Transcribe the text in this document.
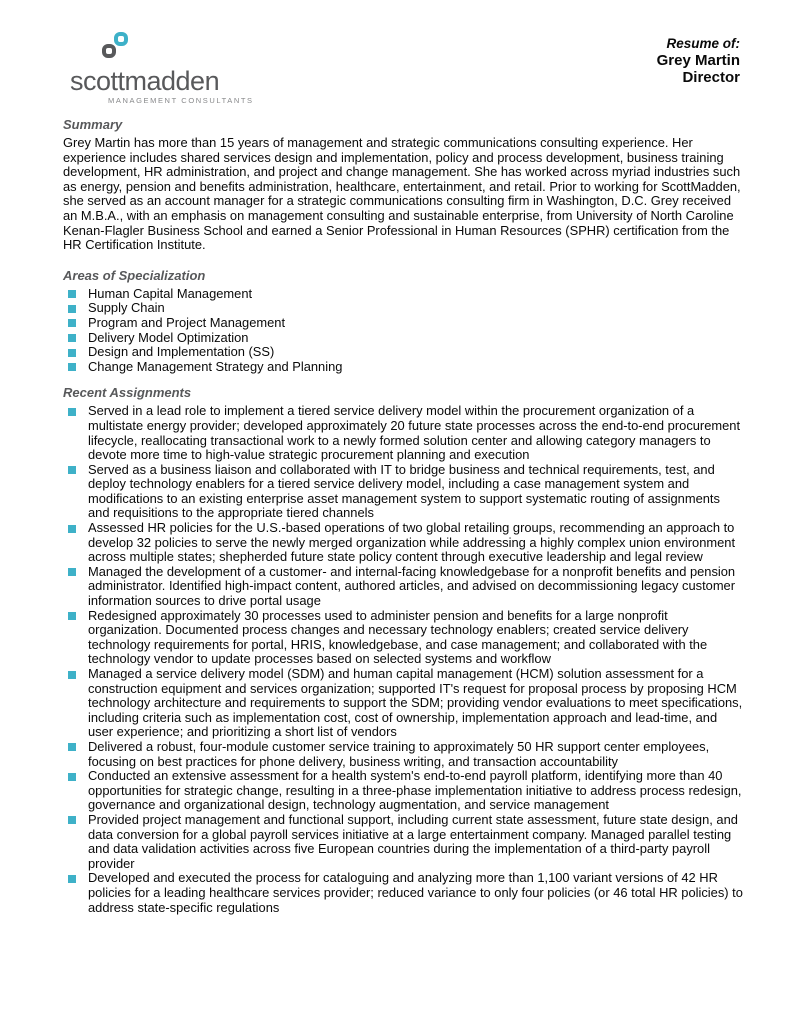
scottmadden
MANAGEMENT CONSULTANTS
Resume of:
Grey Martin
Director
Summary

Grey Martin has more than 15 years of management and strategic communications consulting experience. Her experience includes shared services design and implementation, policy and process development, business training development, HR administration, and project and change management. She has worked across myriad industries such as energy, pension and benefits administration, healthcare, entertainment, and retail. Prior to working for ScottMadden, she served as an account manager for a strategic communications consulting firm in Washington, D.C. Grey received an M.B.A., with an emphasis on management consulting and sustainable enterprise, from University of North Caroline Kenan-Flagler Business School and earned a Senior Professional in Human Resources (SPHR) certification from the HR Certification Institute.

Areas of Specialization
Human Capital Management
Supply Chain
Program and Project Management
Delivery Model Optimization
Design and Implementation (SS)
Change Management Strategy and Planning
Recent Assignments
Served in a lead role to implement a tiered service delivery model within the procurement organization of a multistate energy provider; developed approximately 20 future state processes across the end-to-end procurement lifecycle, reallocating transactional work to a newly formed solution center and allowing category managers to devote more time to high-value strategic procurement planning and execution
Served as a business liaison and collaborated with IT to bridge business and technical requirements, test, and deploy technology enablers for a tiered service delivery model, including a case management system and modifications to an existing enterprise asset management system to support systematic routing of assignments and requisitions to the appropriate tiered channels
Assessed HR policies for the U.S.-based operations of two global retailing groups, recommending an approach to develop 32 policies to serve the newly merged organization while addressing a highly complex union environment across multiple states; shepherded future state policy content through executive leadership and legal review
Managed the development of a customer- and internal-facing knowledgebase for a nonprofit benefits and pension administrator. Identified high-impact content, authored articles, and advised on decommissioning legacy customer information sources to drive portal usage
Redesigned approximately 30 processes used to administer pension and benefits for a large nonprofit organization. Documented process changes and necessary technology enablers; created service delivery technology requirements for portal, HRIS, knowledgebase, and case management; and collaborated with the technology vendor to update processes based on selected systems and workflow
Managed a service delivery model (SDM) and human capital management (HCM) solution assessment for a construction equipment and services organization; supported IT's request for proposal process by proposing HCM technology architecture and requirements to support the SDM; providing vendor evaluations to meet specifications, including criteria such as implementation cost, cost of ownership, implementation approach and lead-time, and user experience; and prioritizing a short list of vendors
Delivered a robust, four-module customer service training to approximately 50 HR support center employees, focusing on best practices for phone delivery, business writing, and transaction accountability
Conducted an extensive assessment for a health system's end-to-end payroll platform, identifying more than 40 opportunities for strategic change, resulting in a three-phase implementation initiative to address process redesign, governance and organizational design, technology augmentation, and service management
Provided project management and functional support, including current state assessment, future state design, and data conversion for a global payroll services initiative at a large entertainment company. Managed parallel testing and data validation activities across five European countries during the implementation of a third-party payroll provider
Developed and executed the process for cataloguing and analyzing more than 1,100 variant versions of 42 HR policies for a leading healthcare services provider; reduced variance to only four policies (or 46 total HR policies) to address state-specific regulations
